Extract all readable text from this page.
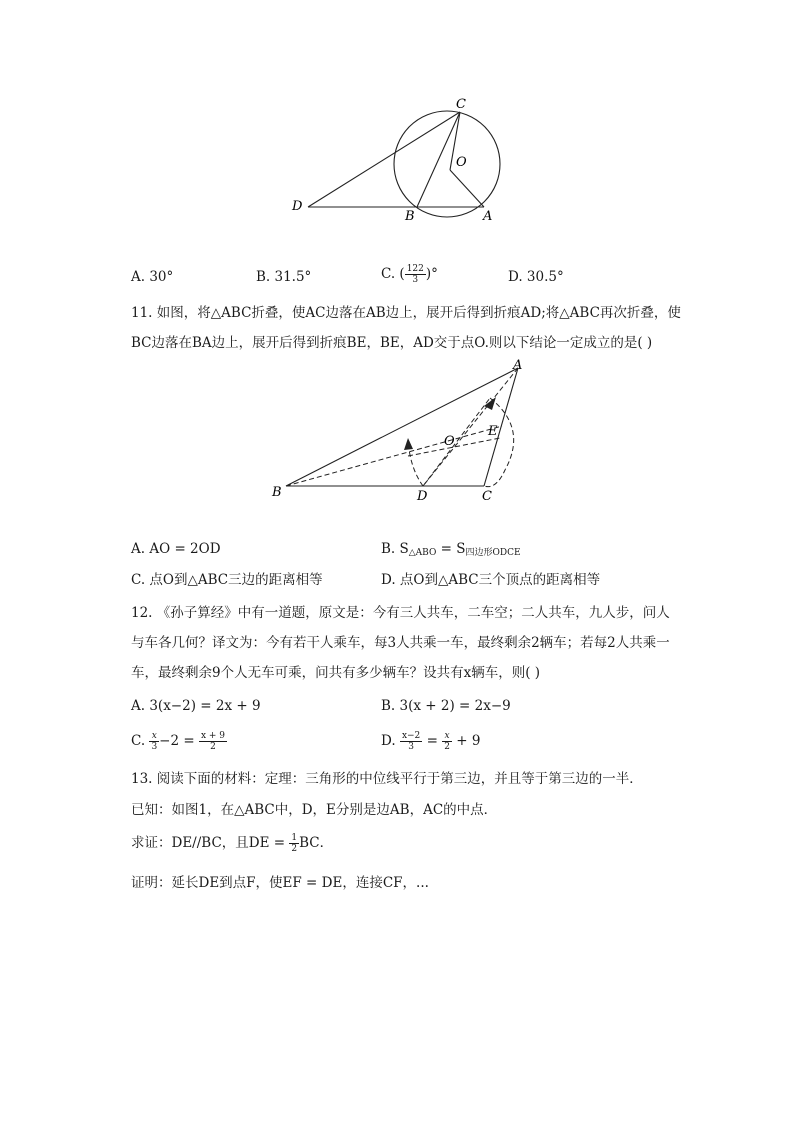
C
O
D
B	A
A. 30°	B. 31.5°	C. ( $\frac{122}{3}$ )°	D. 30.5°
11. 如图，将△ABC折叠，使AC边落在AB边上，展开后得到折痕AD;将△ABC再次折叠，使
BC边落在BA边上，展开后得到折痕BE，BE，AD交于点O.则以下结论一定成立的是( )
A
E
O
B	D	C
A. AO = 2OD	B. $S_{\triangle ABO} = S_{四边形ODCE}$
C. 点O到△ABC三边的距离相等	D. 点O到△ABC三个顶点的距离相等
12. 《孙子算经》中有一道题，原文是：今有三人共车，二车空；二人共车，九人步，问人
与车各几何？译文为：今有若干人乘车，每3人共乘一车，最终剩余2辆车；若每2人共乘一
车，最终剩余9个人无车可乘，问共有多少辆车？设共有x辆车，则( )
A. 3(x−2) = 2x + 9	B. 3(x + 2) = 2x−9
C. $\frac{x}{3} -2 = \frac{x + 9}{2}$	D. $\frac{x-2}{3} = \frac{x}{2} + 9$
13. 阅读下面的材料：定理：三角形的中位线平行于第三边，并且等于第三边的一半．
已知：如图1，在△ABC中，D，E分别是边AB，AC的中点．
求证：DE//BC，且DE = $\frac{1}{2}$ BC．
证明：延长DE到点F，使EF = DE，连接CF，...
